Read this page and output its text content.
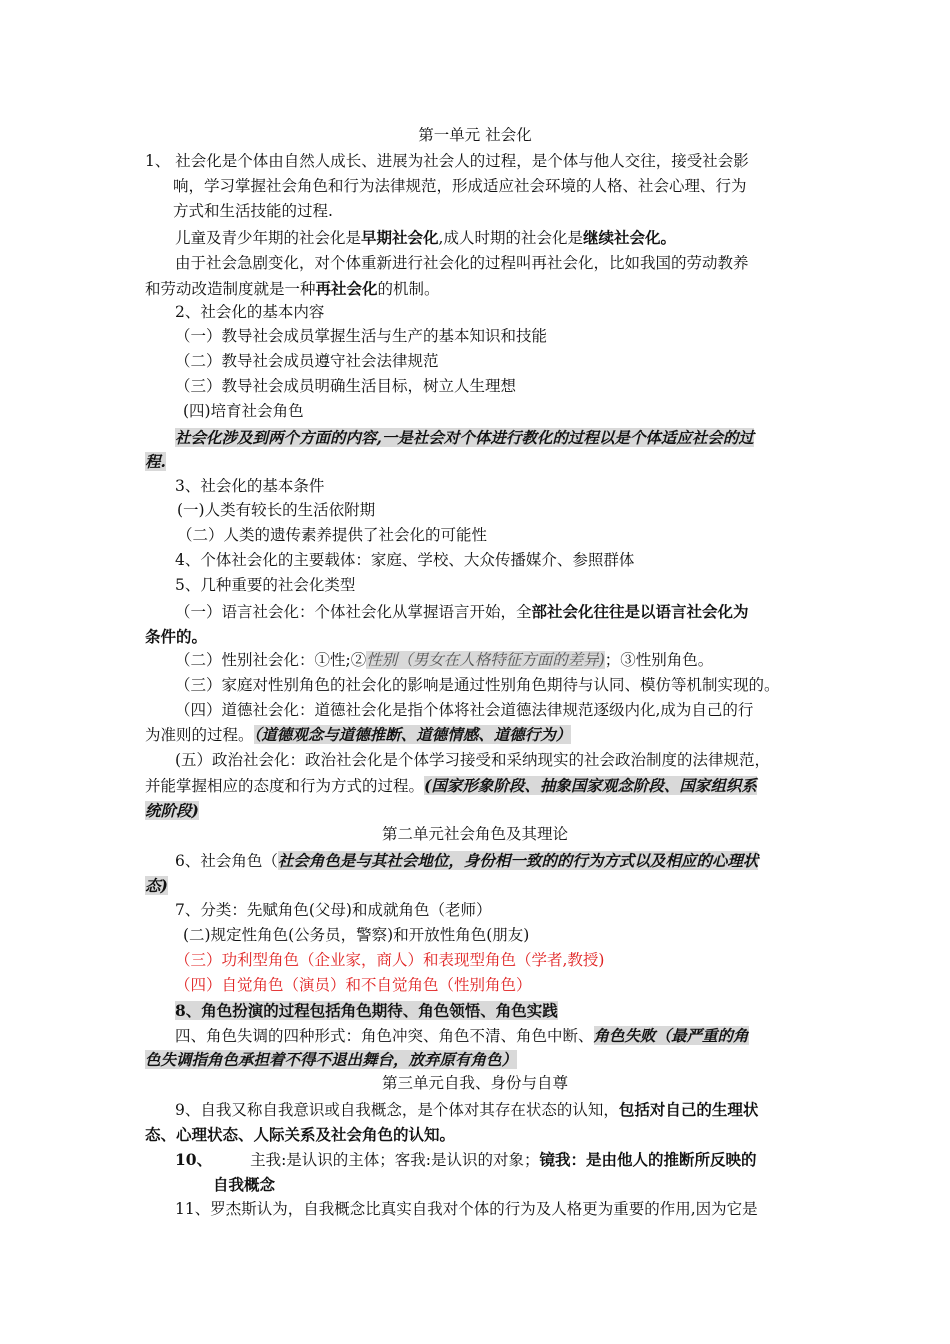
第一单元 社会化
1、 社会化是个体由自然人成长、进展为社会人的过程，是个体与他人交往，接受社会影
响，学习掌握社会角色和行为法律规范，形成适应社会环境的人格、社会心理、行为
方式和生活技能的过程.
儿童及青少年期的社会化是早期社会化,成人时期的社会化是继续社会化。
由于社会急剧变化，对个体重新进行社会化的过程叫再社会化，比如我国的劳动教养
和劳动改造制度就是一种再社会化的机制。
2、社会化的基本内容
（一）教导社会成员掌握生活与生产的基本知识和技能
（二）教导社会成员遵守社会法律规范
（三）教导社会成员明确生活目标，树立人生理想
(四)培育社会角色
社会化涉及到两个方面的内容,一是社会对个体进行教化的过程以是个体适应社会的过
程.
3、社会化的基本条件
(一)人类有较长的生活依附期
（二）人类的遗传素养提供了社会化的可能性
4、个体社会化的主要载体：家庭、学校、大众传播媒介、参照群体
5、几种重要的社会化类型
（一）语言社会化：个体社会化从掌握语言开始，全部社会化往往是以语言社会化为
条件的。
（二）性别社会化：①性;②性别（男女在人格特征方面的差异)；③性别角色。
（三）家庭对性别角色的社会化的影响是通过性别角色期待与认同、模仿等机制实现的。
（四）道德社会化：道德社会化是指个体将社会道德法律规范逐级内化,成为自己的行
为准则的过程。（道德观念与道德推断、道德情感、道德行为）
(五）政治社会化：政治社会化是个体学习接受和采纳现实的社会政治制度的法律规范，
并能掌握相应的态度和行为方式的过程。(国家形象阶段、抽象国家观念阶段、国家组织系
统阶段)
第二单元社会角色及其理论
6、社会角色（社会角色是与其社会地位，身份相一致的的行为方式以及相应的心理状
态)
7、分类：先赋角色(父母)和成就角色（老师）
(二)规定性角色(公务员，警察)和开放性角色(朋友)
（三）功利型角色（企业家，商人）和表现型角色（学者,教授)
（四）自觉角色（演员）和不自觉角色（性别角色）
8、角色扮演的过程包括角色期待、角色领悟、角色实践
四、角色失调的四种形式：角色冲突、角色不清、角色中断、角色失败（最严重的角
色失调指角色承担着不得不退出舞台，放弃原有角色）
第三单元自我、身份与自尊
9、自我又称自我意识或自我概念，是个体对其存在状态的认知，包括对自己的生理状
态、心理状态、人际关系及社会角色的认知。
10、 主我:是认识的主体；客我:是认识的对象；镜我：是由他人的推断所反映的
自我概念
11、罗杰斯认为，自我概念比真实自我对个体的行为及人格更为重要的作用,因为它是
